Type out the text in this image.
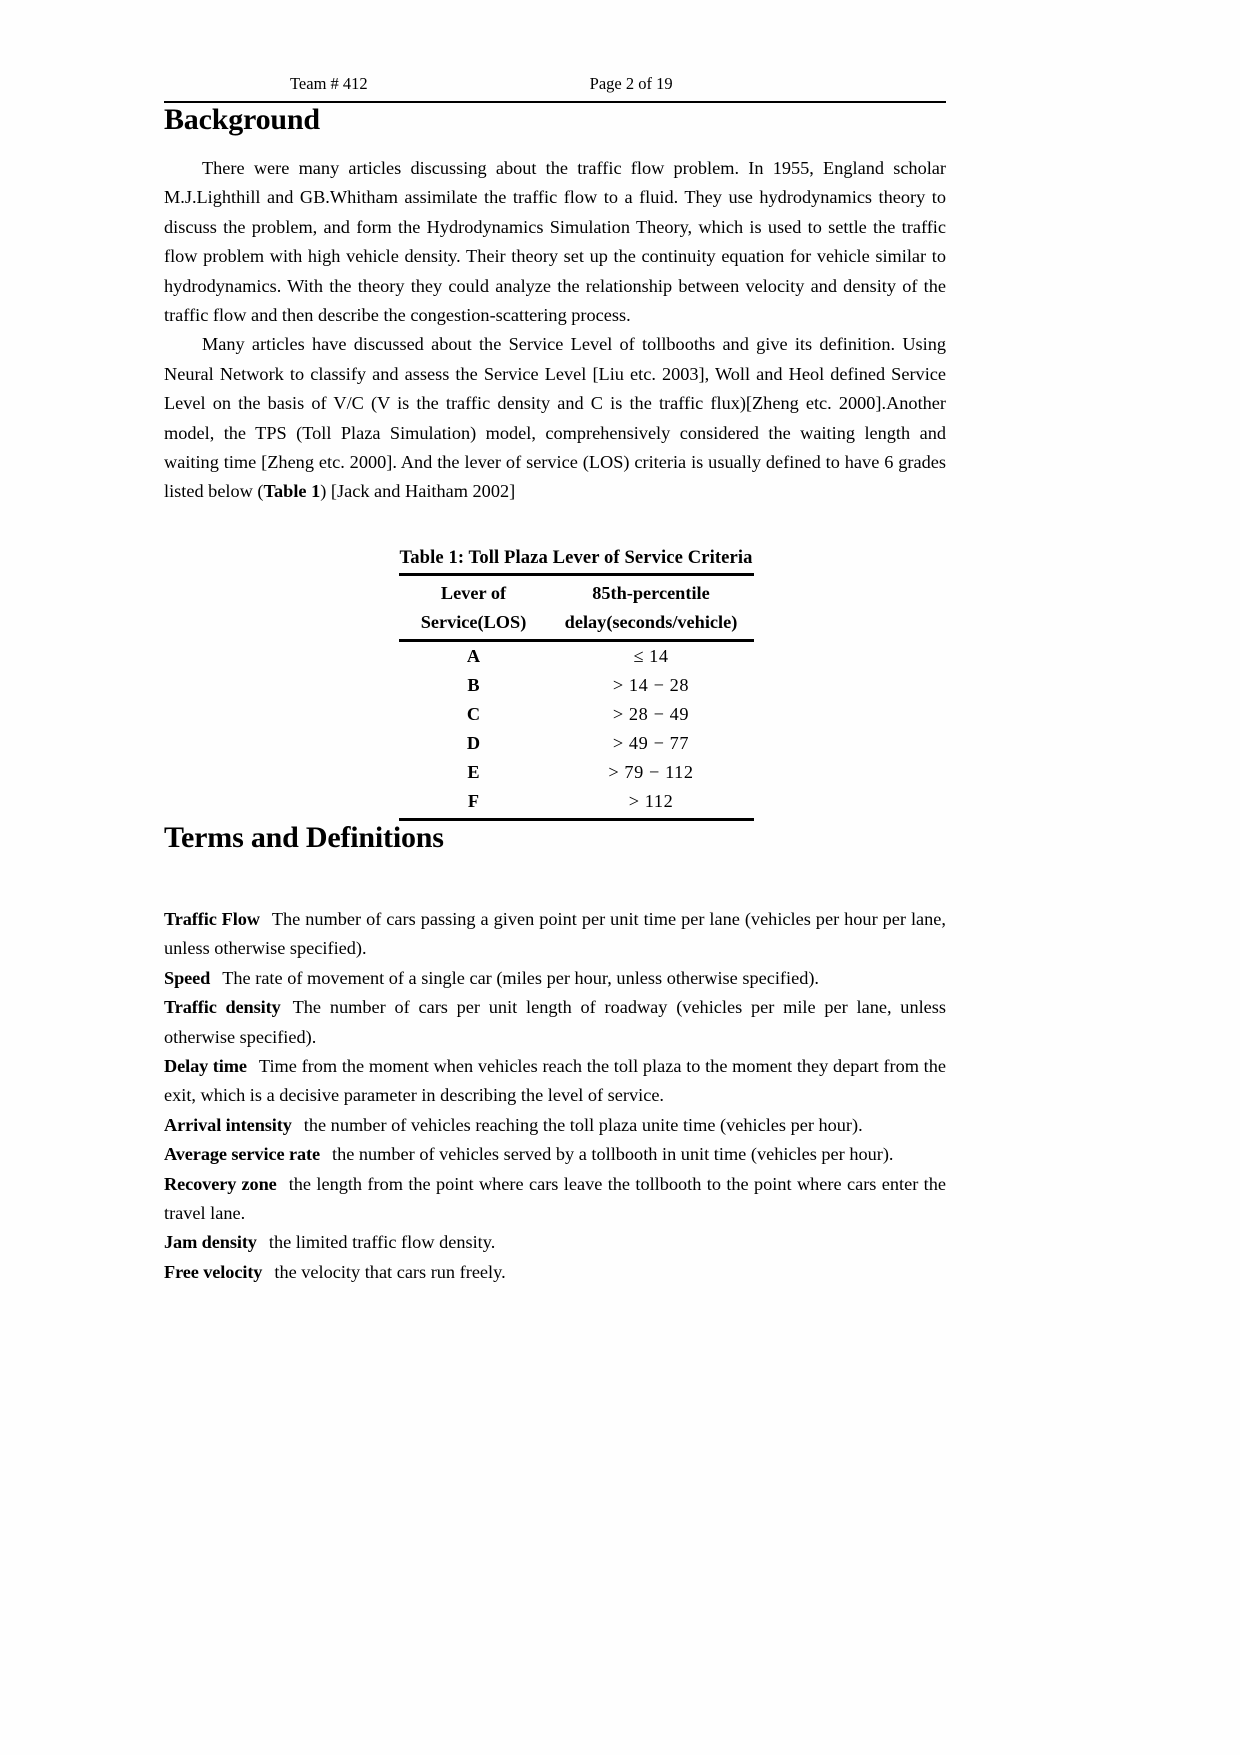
Team # 412	Page 2 of 19
Background

There were many articles discussing about the traffic flow problem. In 1955, England scholar M.J.Lighthill and GB.Whitham assimilate the traffic flow to a fluid. They use hydrodynamics theory to discuss the problem, and form the Hydrodynamics Simulation Theory, which is used to settle the traffic flow problem with high vehicle density. Their theory set up the continuity equation for vehicle similar to hydrodynamics. With the theory they could analyze the relationship between velocity and density of the traffic flow and then describe the congestion-scattering process.

Many articles have discussed about the Service Level of tollbooths and give its definition. Using Neural Network to classify and assess the Service Level [Liu etc. 2003], Woll and Heol defined Service Level on the basis of V/C (V is the traffic density and C is the traffic flux)[Zheng etc. 2000].Another model, the TPS (Toll Plaza Simulation) model, comprehensively considered the waiting length and waiting time [Zheng etc. 2000]. And the lever of service (LOS) criteria is usually defined to have 6 grades listed below (Table 1) [Jack and Haitham 2002]

Table 1: Toll Plaza Lever of Service Criteria
Lever of	85th-percentile
Service(LOS)	delay(seconds/vehicle)
A	≤ 14
B	> 14 − 28
C	> 28 − 49
D	> 49 − 77
E	> 79 − 112
F	> 112
Terms and Definitions

Traffic Flow The number of cars passing a given point per unit time per lane (vehicles per hour per lane, unless otherwise specified).

Speed The rate of movement of a single car (miles per hour, unless otherwise specified).

Traffic density The number of cars per unit length of roadway (vehicles per mile per lane, unless otherwise specified).

Delay time Time from the moment when vehicles reach the toll plaza to the moment they depart from the exit, which is a decisive parameter in describing the level of service.

Arrival intensity the number of vehicles reaching the toll plaza unite time (vehicles per hour).

Average service rate the number of vehicles served by a tollbooth in unit time (vehicles per hour).

Recovery zone the length from the point where cars leave the tollbooth to the point where cars enter the travel lane.

Jam density the limited traffic flow density.

Free velocity the velocity that cars run freely.
